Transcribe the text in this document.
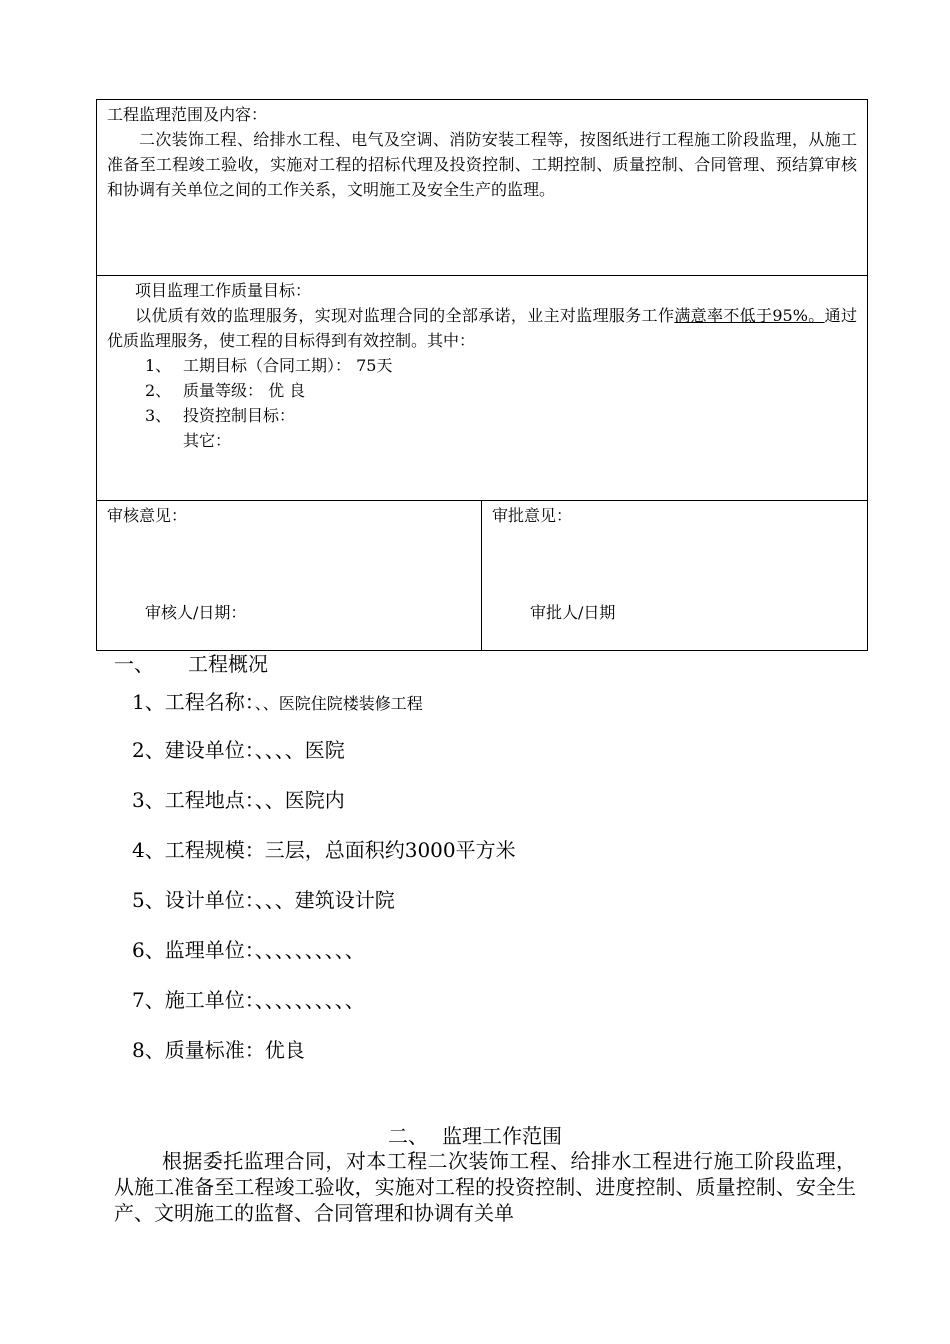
工程监理范围及内容：

二次装饰工程、给排水工程、电气及空调、消防安装工程等，按图纸进行工程施工阶段监理，从施工准备至工程竣工验收，实施对工程的招标代理及投资控制、工期控制、质量控制、合同管理、预结算审核和协调有关单位之间的工作关系，文明施工及安全生产的监理。

项目监理工作质量目标：

以优质有效的监理服务，实现对监理合同的全部承诺，业主对监理服务工作满意率不低于95%。通过优质监理服务，使工程的目标得到有效控制。其中：

1、 工期目标（合同工期）： 75天
2、 质量等级： 优 良
3、 投资控制目标：
其它：
审核意见：
审核人/日期：
审批意见：
审批人/日期
一、 工程概况
1、工程名称：、、医院住院楼装修工程
2、建设单位：、、、、医院
3、工程地点：、、医院内
4、工程规模：三层，总面积约3000平方米
5、设计单位：、、、建筑设计院
6、监理单位：、、、、、、、、、、
7、施工单位：、、、、、、、、、、
8、质量标准：优良
二、 监理工作范围

根据委托监理合同，对本工程二次装饰工程、给排水工程进行施工阶段监理，从施工准备至工程竣工验收，实施对工程的投资控制、进度控制、质量控制、安全生产、文明施工的监督、合同管理和协调有关单
